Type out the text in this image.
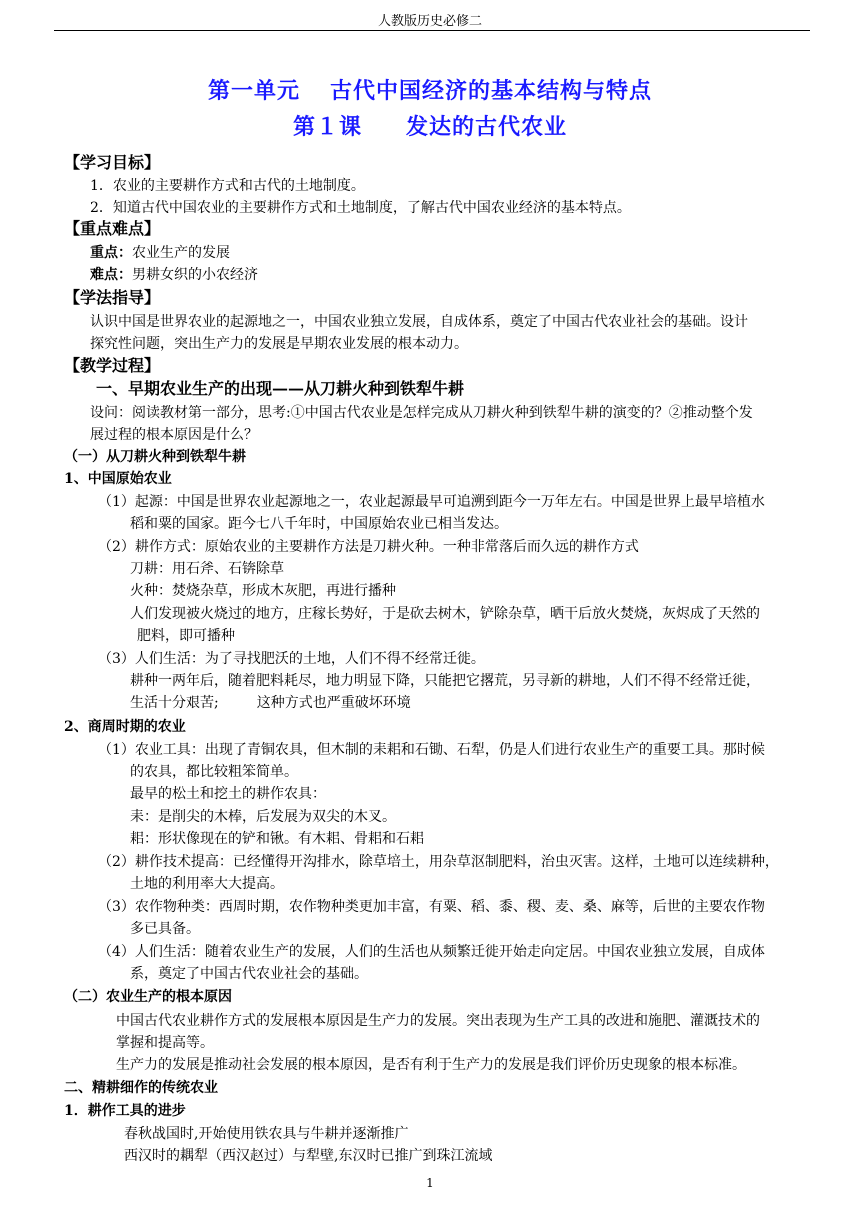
人教版历史必修二
第一单元 古代中国经济的基本结构与特点
第１课 发达的古代农业
【学习目标】
1．农业的主要耕作方式和古代的土地制度。
2．知道古代中国农业的主要耕作方式和土地制度，了解古代中国农业经济的基本特点。
【重点难点】
重点：农业生产的发展
难点：男耕女织的小农经济
【学法指导】
认识中国是世界农业的起源地之一，中国农业独立发展，自成体系，奠定了中国古代农业社会的基础。设计
探究性问题，突出生产力的发展是早期农业发展的根本动力。
【教学过程】
一、早期农业生产的出现——从刀耕火种到铁犁牛耕
设问：阅读教材第一部分，思考:①中国古代农业是怎样完成从刀耕火种到铁犁牛耕的演变的？②推动整个发
展过程的根本原因是什么？
（一）从刀耕火种到铁犁牛耕
1、中国原始农业
（1）起源：中国是世界农业起源地之一，农业起源最早可追溯到距今一万年左右。中国是世界上最早培植水
稻和粟的国家。距今七八千年时，中国原始农业已相当发达。
（2）耕作方式：原始农业的主要耕作方法是刀耕火种。一种非常落后而久远的耕作方式
刀耕：用石斧、石锛除草
火种：焚烧杂草，形成木灰肥，再进行播种
人们发现被火烧过的地方，庄稼长势好，于是砍去树木，铲除杂草，晒干后放火焚烧，灰烬成了天然的
肥料，即可播种
（3）人们生活：为了寻找肥沃的土地，人们不得不经常迁徙。
耕种一两年后，随着肥料耗尽，地力明显下降，只能把它撂荒，另寻新的耕地，人们不得不经常迁徙，
生活十分艰苦;	这种方式也严重破坏环境
2、商周时期的农业
（1）农业工具：出现了青铜农具，但木制的耒耜和石锄、石犁，仍是人们进行农业生产的重要工具。那时候
的农具，都比较粗笨简单。
最早的松土和挖土的耕作农具：
耒：是削尖的木棒，后发展为双尖的木叉。
耜：形状像现在的铲和锹。有木耜、骨耜和石耜
（2）耕作技术提高：已经懂得开沟排水，除草培土，用杂草沤制肥料，治虫灭害。这样，土地可以连续耕种，
土地的利用率大大提高。
（3）农作物种类：西周时期，农作物种类更加丰富，有粟、稻、黍、稷、麦、桑、麻等，后世的主要农作物
多已具备。
（4）人们生活：随着农业生产的发展，人们的生活也从频繁迁徙开始走向定居。中国农业独立发展，自成体
系，奠定了中国古代农业社会的基础。
（二）农业生产的根本原因
中国古代农业耕作方式的发展根本原因是生产力的发展。突出表现为生产工具的改进和施肥、灌溉技术的
掌握和提高等。
生产力的发展是推动社会发展的根本原因，是否有利于生产力的发展是我们评价历史现象的根本标准。
二、精耕细作的传统农业
1．耕作工具的进步
春秋战国时,开始使用铁农具与牛耕并逐渐推广
西汉时的耦犁（西汉赵过）与犁壁,东汉时已推广到珠江流域
1
